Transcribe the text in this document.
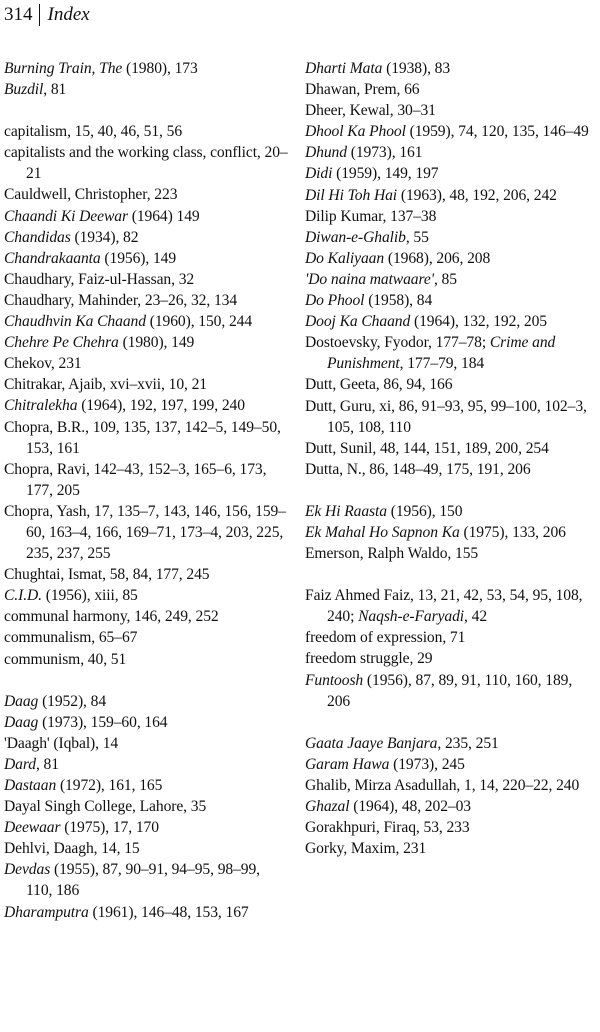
314 Index
Burning Train, The (1980), 173
Buzdil, 81
capitalism, 15, 40, 46, 51, 56
capitalists and the working class, conflict, 20–21
Cauldwell, Christopher, 223
Chaandi Ki Deewar (1964) 149
Chandidas (1934), 82
Chandrakaanta (1956), 149
Chaudhary, Faiz-ul-Hassan, 32
Chaudhary, Mahinder, 23–26, 32, 134
Chaudhvin Ka Chaand (1960), 150, 244
Chehre Pe Chehra (1980), 149
Chekov, 231
Chitrakar, Ajaib, xvi–xvii, 10, 21
Chitralekha (1964), 192, 197, 199, 240
Chopra, B.R., 109, 135, 137, 142–5, 149–50, 153, 161
Chopra, Ravi, 142–43, 152–3, 165–6, 173, 177, 205
Chopra, Yash, 17, 135–7, 143, 146, 156, 159–60, 163–4, 166, 169–71, 173–4, 203, 225, 235, 237, 255
Chughtai, Ismat, 58, 84, 177, 245
C.I.D. (1956), xiii, 85
communal harmony, 146, 249, 252
communalism, 65–67
communism, 40, 51
Daag (1952), 84
Daag (1973), 159–60, 164
'Daagh' (Iqbal), 14
Dard, 81
Dastaan (1972), 161, 165
Dayal Singh College, Lahore, 35
Deewaar (1975), 17, 170
Dehlvi, Daagh, 14, 15
Devdas (1955), 87, 90–91, 94–95, 98–99, 110, 186
Dharamputra (1961), 146–48, 153, 167
Dharti Mata (1938), 83
Dhawan, Prem, 66
Dheer, Kewal, 30–31
Dhool Ka Phool (1959), 74, 120, 135, 146–49
Dhund (1973), 161
Didi (1959), 149, 197
Dil Hi Toh Hai (1963), 48, 192, 206, 242
Dilip Kumar, 137–38
Diwan-e-Ghalib, 55
Do Kaliyaan (1968), 206, 208
'Do naina matwaare', 85
Do Phool (1958), 84
Dooj Ka Chaand (1964), 132, 192, 205
Dostoevsky, Fyodor, 177–78; Crime and Punishment, 177–79, 184
Dutt, Geeta, 86, 94, 166
Dutt, Guru, xi, 86, 91–93, 95, 99–100, 102–3, 105, 108, 110
Dutt, Sunil, 48, 144, 151, 189, 200, 254
Dutta, N., 86, 148–49, 175, 191, 206
Ek Hi Raasta (1956), 150
Ek Mahal Ho Sapnon Ka (1975), 133, 206
Emerson, Ralph Waldo, 155
Faiz Ahmed Faiz, 13, 21, 42, 53, 54, 95, 108, 240; Naqsh-e-Faryadi, 42
freedom of expression, 71
freedom struggle, 29
Funtoosh (1956), 87, 89, 91, 110, 160, 189, 206
Gaata Jaaye Banjara, 235, 251
Garam Hawa (1973), 245
Ghalib, Mirza Asadullah, 1, 14, 220–22, 240
Ghazal (1964), 48, 202–03
Gorakhpuri, Firaq, 53, 233
Gorky, Maxim, 231
